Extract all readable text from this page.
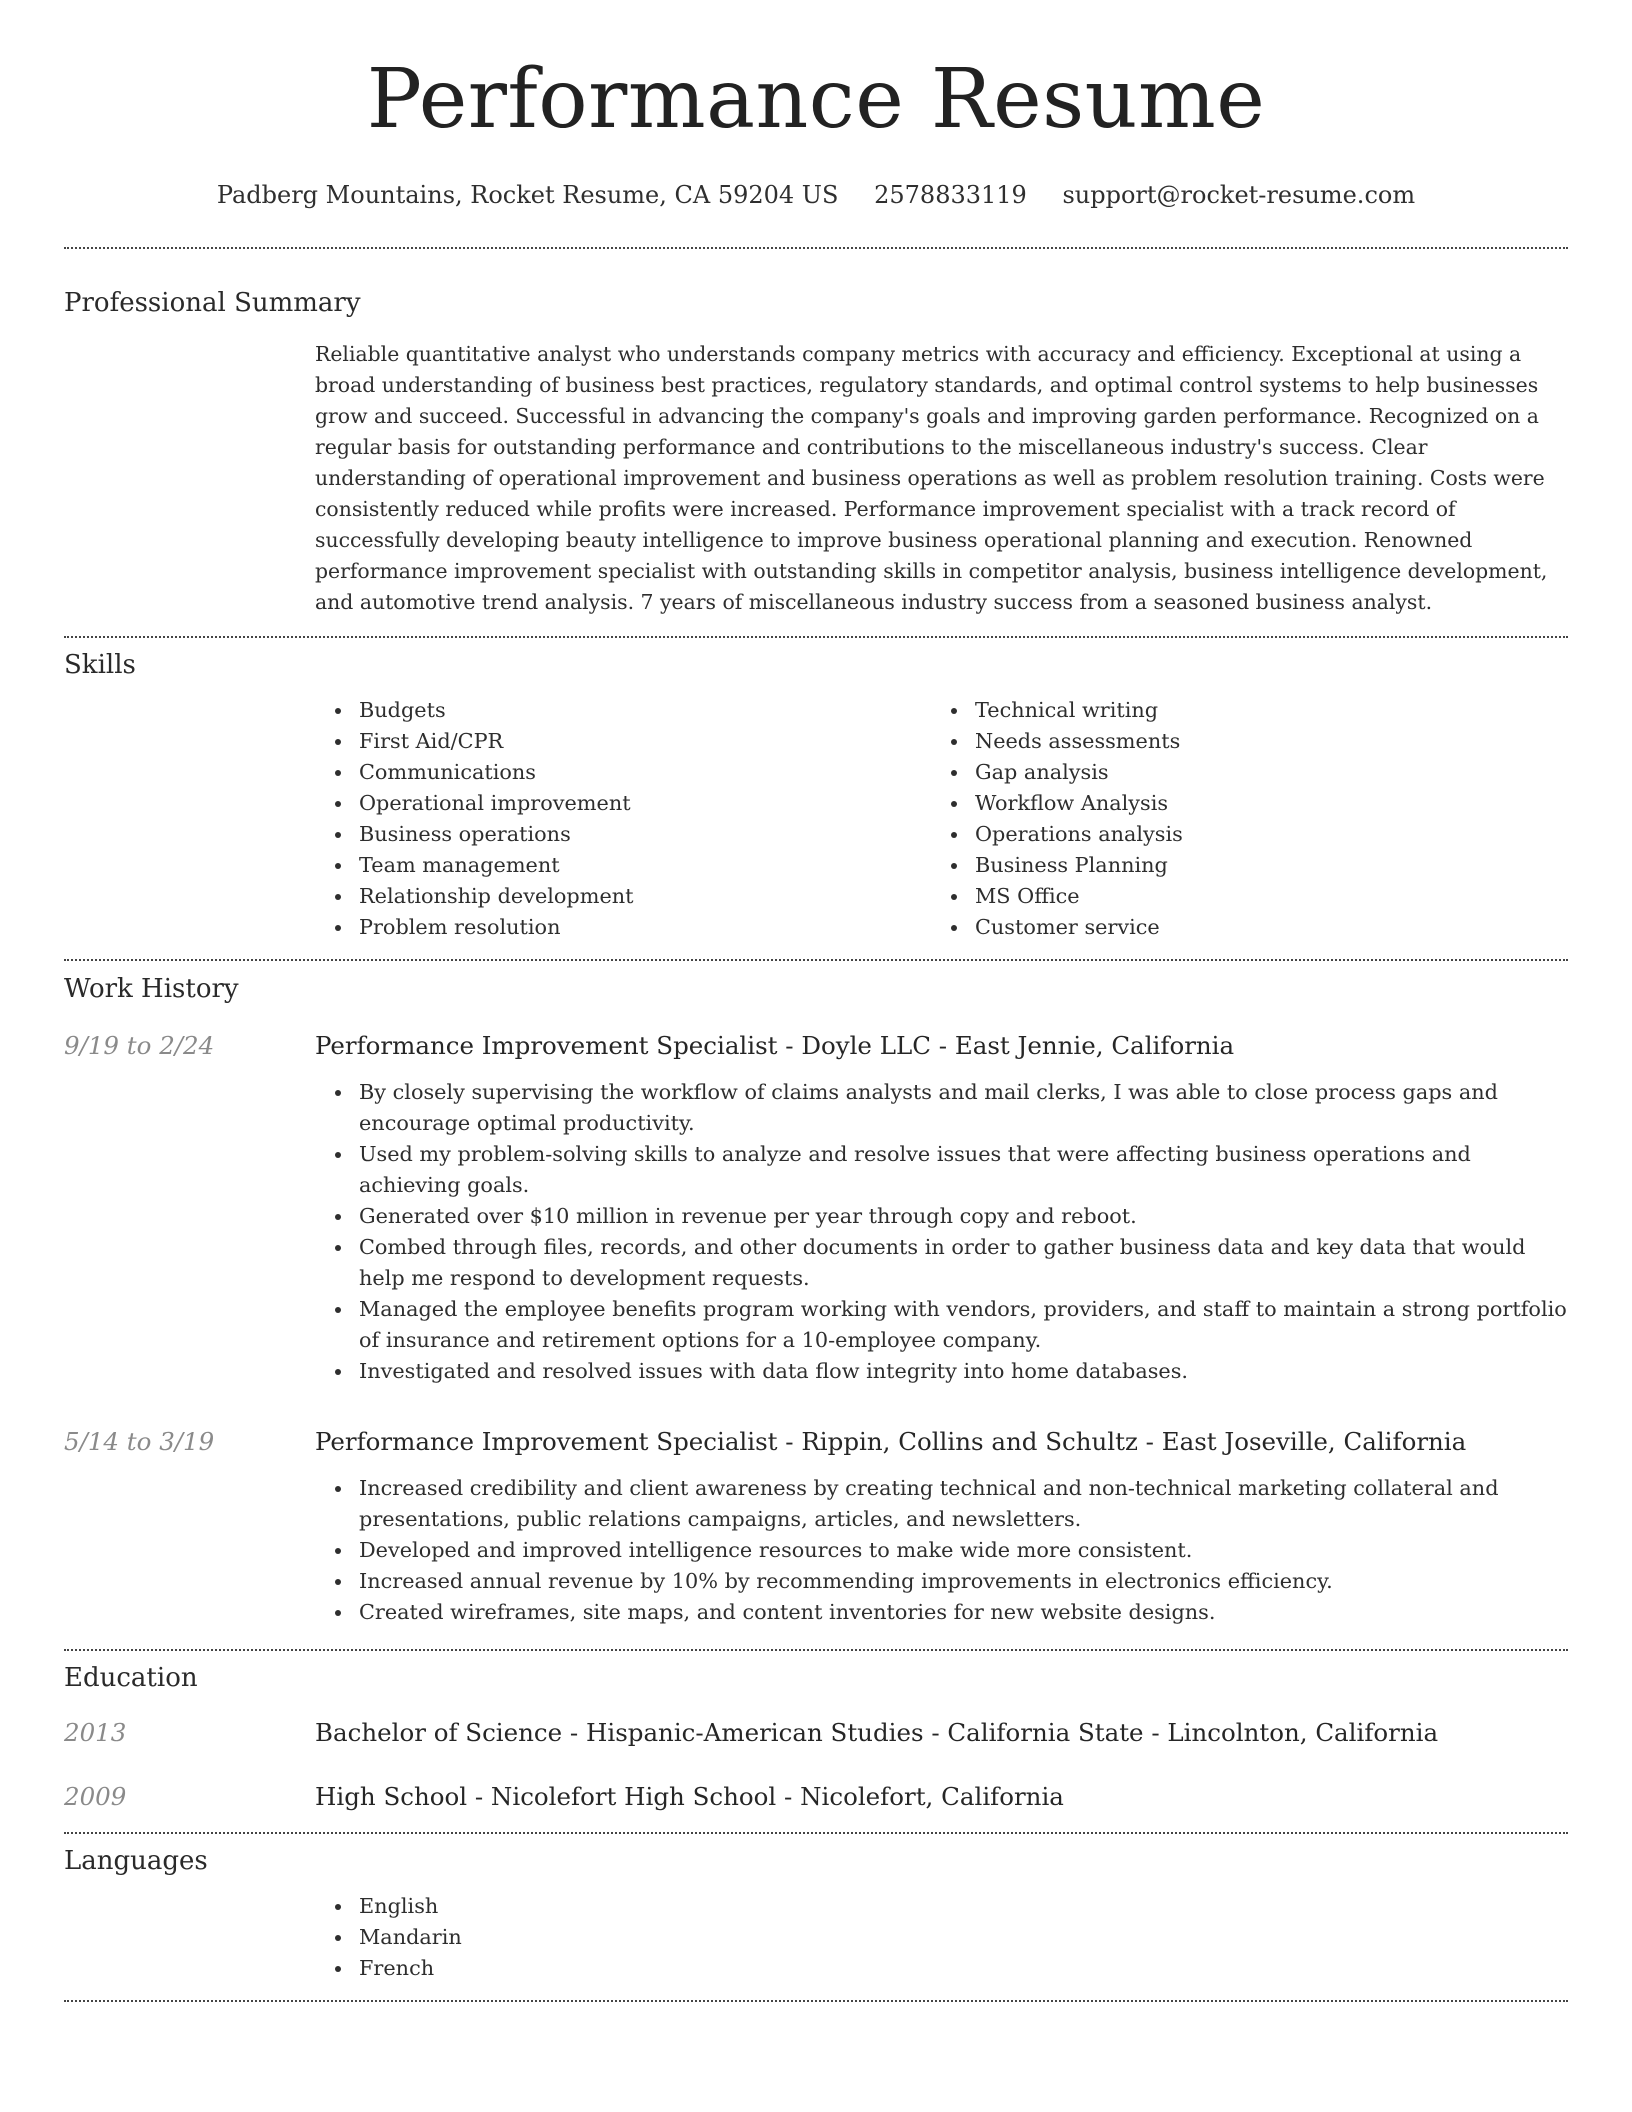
Performance Resume
Padberg Mountains, Rocket Resume, CA 59204 US 2578833119 support@rocket-resume.com
Professional Summary

Reliable quantitative analyst who understands company metrics with accuracy and efficiency. Exceptional at using a broad understanding of business best practices, regulatory standards, and optimal control systems to help businesses grow and succeed. Successful in advancing the company's goals and improving garden performance. Recognized on a regular basis for outstanding performance and contributions to the miscellaneous industry's success. Clear understanding of operational improvement and business operations as well as problem resolution training. Costs were consistently reduced while profits were increased. Performance improvement specialist with a track record of successfully developing beauty intelligence to improve business operational planning and execution. Renowned performance improvement specialist with outstanding skills in competitor analysis, business intelligence development, and automotive trend analysis. 7 years of miscellaneous industry success from a seasoned business analyst.

Skills
Budgets
First Aid/CPR
Communications
Operational improvement
Business operations
Team management
Relationship development
Problem resolution
Technical writing
Needs assessments
Gap analysis
Workflow Analysis
Operations analysis
Business Planning
MS Office
Customer service
Work History
9/19 to 2/24	Performance Improvement Specialist - Doyle LLC - East Jennie, California
By closely supervising the workflow of claims analysts and mail clerks, I was able to close process gaps and encourage optimal productivity.
Used my problem-solving skills to analyze and resolve issues that were affecting business operations and achieving goals.
Generated over $10 million in revenue per year through copy and reboot.
Combed through files, records, and other documents in order to gather business data and key data that would help me respond to development requests.
Managed the employee benefits program working with vendors, providers, and staff to maintain a strong portfolio of insurance and retirement options for a 10-employee company.
Investigated and resolved issues with data flow integrity into home databases.
5/14 to 3/19	Performance Improvement Specialist - Rippin, Collins and Schultz - East Joseville, California
Increased credibility and client awareness by creating technical and non-technical marketing collateral and presentations, public relations campaigns, articles, and newsletters.
Developed and improved intelligence resources to make wide more consistent.
Increased annual revenue by 10% by recommending improvements in electronics efficiency.
Created wireframes, site maps, and content inventories for new website designs.
Education
2013	Bachelor of Science - Hispanic-American Studies - California State - Lincolnton, California
2009	High School - Nicolefort High School - Nicolefort, California
Languages
English
Mandarin
French
